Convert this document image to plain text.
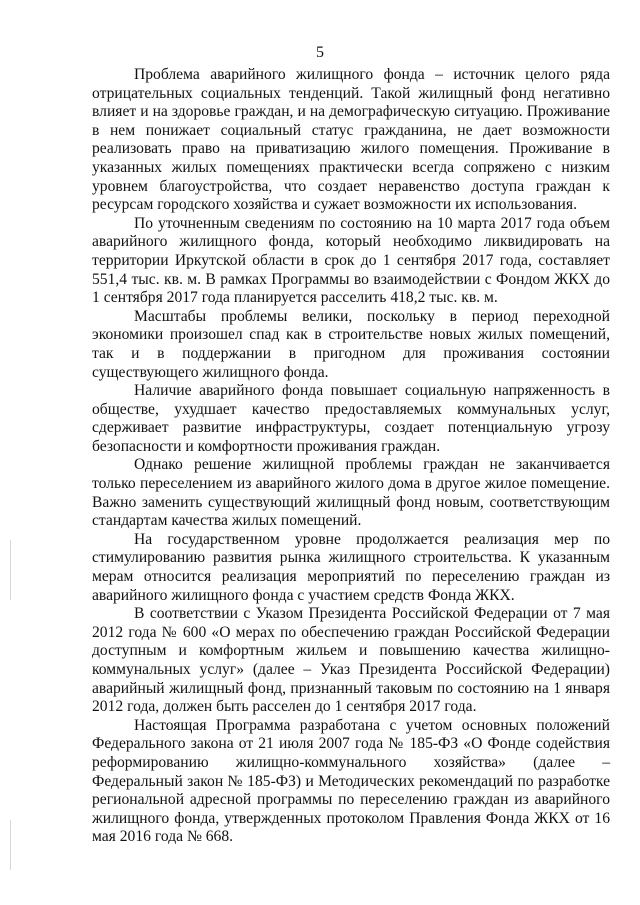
5

Проблема аварийного жилищного фонда – источник целого ряда отрицательных социальных тенденций. Такой жилищный фонд негативно влияет и на здоровье граждан, и на демографическую ситуацию. Проживание в нем понижает социальный статус гражданина, не дает возможности реализовать право на приватизацию жилого помещения. Проживание в указанных жилых помещениях практически всегда сопряжено с низким уровнем благоустройства, что создает неравенство доступа граждан к ресурсам городского хозяйства и сужает возможности их использования.

По уточненным сведениям по состоянию на 10 марта 2017 года объем аварийного жилищного фонда, который необходимо ликвидировать на территории Иркутской области в срок до 1 сентября 2017 года, составляет 551,4 тыс. кв. м. В рамках Программы во взаимодействии с Фондом ЖКХ до 1 сентября 2017 года планируется расселить 418,2 тыс. кв. м.

Масштабы проблемы велики, поскольку в период переходной экономики произошел спад как в строительстве новых жилых помещений, так и в поддержании в пригодном для проживания состоянии существующего жилищного фонда.

Наличие аварийного фонда повышает социальную напряженность в обществе, ухудшает качество предоставляемых коммунальных услуг, сдерживает развитие инфраструктуры, создает потенциальную угрозу безопасности и комфортности проживания граждан.

Однако решение жилищной проблемы граждан не заканчивается только переселением из аварийного жилого дома в другое жилое помещение. Важно заменить существующий жилищный фонд новым, соответствующим стандартам качества жилых помещений.

На государственном уровне продолжается реализация мер по стимулированию развития рынка жилищного строительства. К указанным мерам относится реализация мероприятий по переселению граждан из аварийного жилищного фонда с участием средств Фонда ЖКХ.

В соответствии с Указом Президента Российской Федерации от 7 мая 2012 года № 600 «О мерах по обеспечению граждан Российской Федерации доступным и комфортным жильем и повышению качества жилищно-коммунальных услуг» (далее – Указ Президента Российской Федерации) аварийный жилищный фонд, признанный таковым по состоянию на 1 января 2012 года, должен быть расселен до 1 сентября 2017 года.

Настоящая Программа разработана с учетом основных положений Федерального закона от 21 июля 2007 года № 185-ФЗ «О Фонде содействия реформированию жилищно-коммунального хозяйства» (далее – Федеральный закон № 185-ФЗ) и Методических рекомендаций по разработке региональной адресной программы по переселению граждан из аварийного жилищного фонда, утвержденных протоколом Правления Фонда ЖКХ от 16 мая 2016 года № 668.
